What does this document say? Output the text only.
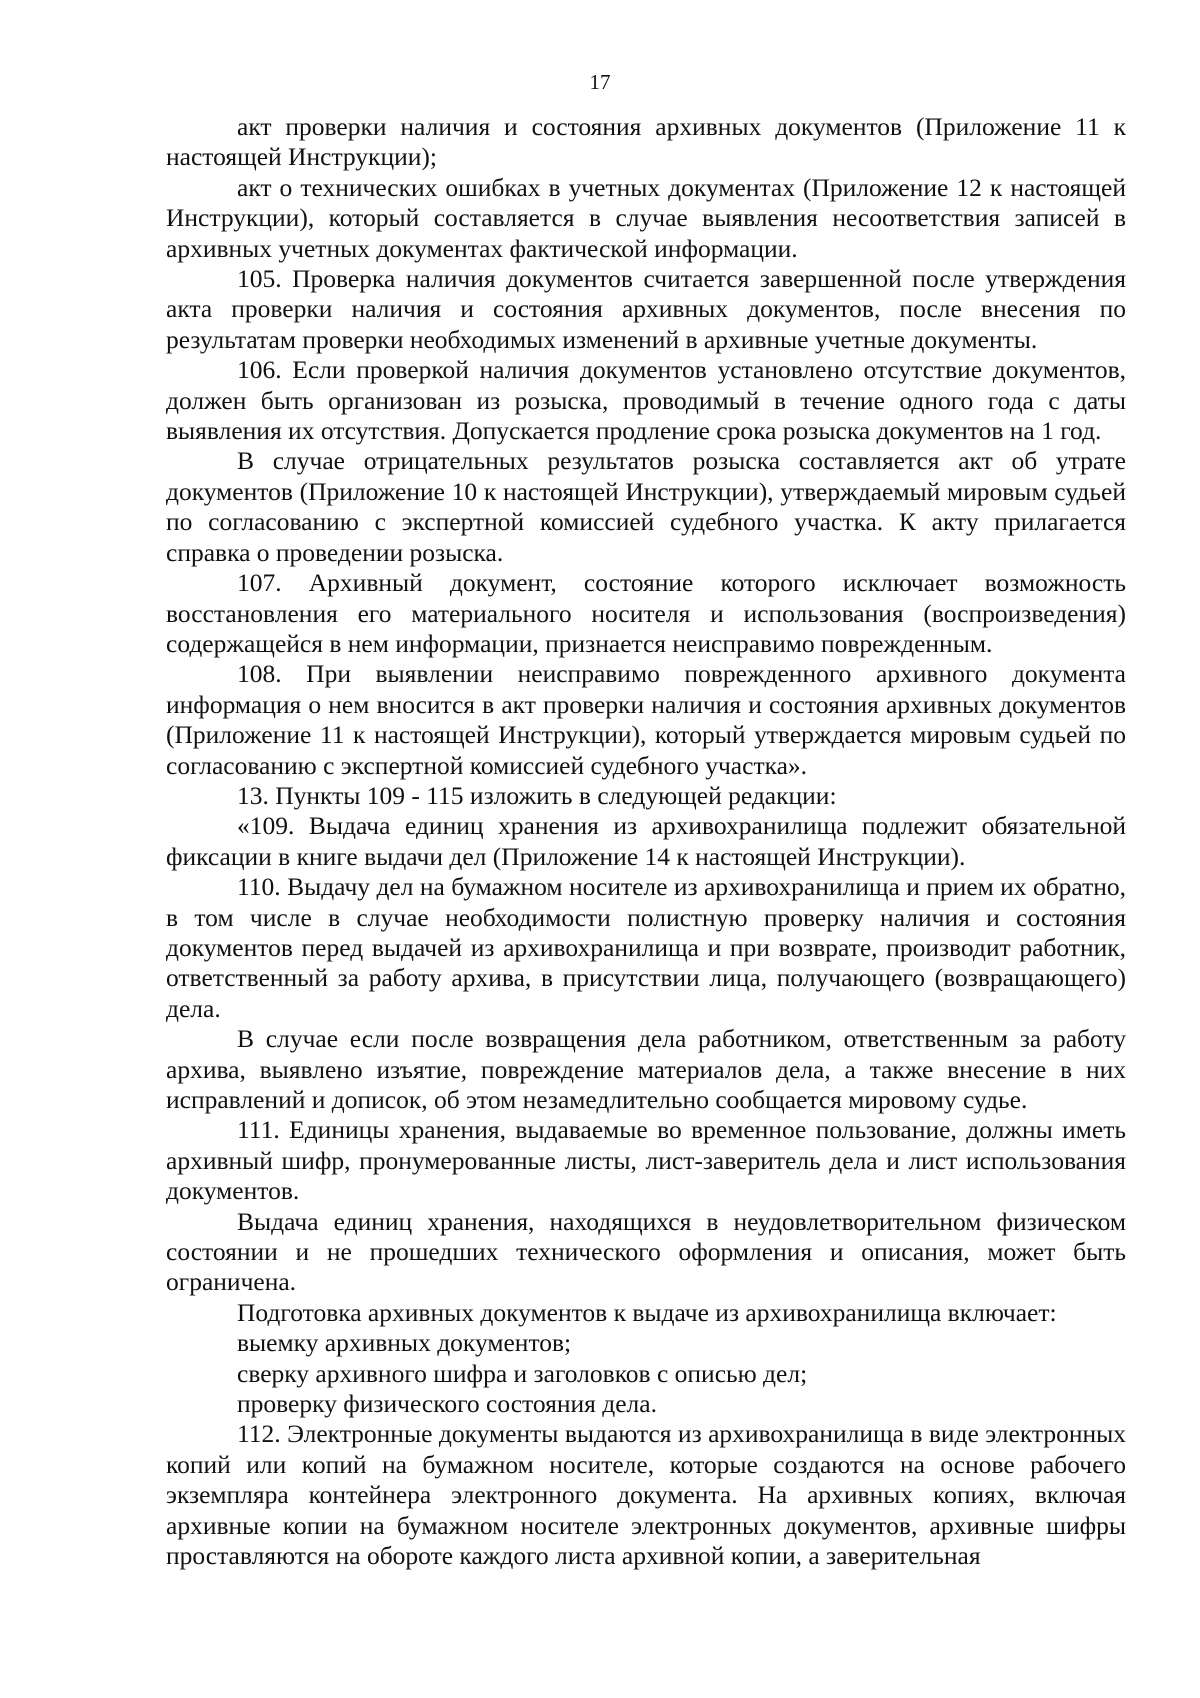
17

акт проверки наличия и состояния архивных документов (Приложение 11 к настоящей Инструкции);

акт о технических ошибках в учетных документах (Приложение 12 к настоящей Инструкции), который составляется в случае выявления несоответствия записей в архивных учетных документах фактической информации.

105. Проверка наличия документов считается завершенной после утверждения акта проверки наличия и состояния архивных документов, после внесения по результатам проверки необходимых изменений в архивные учетные документы.

106. Если проверкой наличия документов установлено отсутствие документов, должен быть организован из розыска, проводимый в течение одного года с даты выявления их отсутствия. Допускается продление срока розыска документов на 1 год.

В случае отрицательных результатов розыска составляется акт об утрате документов (Приложение 10 к настоящей Инструкции), утверждаемый мировым судьей по согласованию с экспертной комиссией судебного участка. К акту прилагается справка о проведении розыска.

107. Архивный документ, состояние которого исключает возможность восстановления его материального носителя и использования (воспроизведения) содержащейся в нем информации, признается неисправимо поврежденным.

108. При выявлении неисправимо поврежденного архивного документа информация о нем вносится в акт проверки наличия и состояния архивных документов (Приложение 11 к настоящей Инструкции), который утверждается мировым судьей по согласованию с экспертной комиссией судебного участка».

13. Пункты 109 - 115 изложить в следующей редакции:

«109. Выдача единиц хранения из архивохранилища подлежит обязательной фиксации в книге выдачи дел (Приложение 14 к настоящей Инструкции).

110. Выдачу дел на бумажном носителе из архивохранилища и прием их обратно, в том числе в случае необходимости полистную проверку наличия и состояния документов перед выдачей из архивохранилища и при возврате, производит работник, ответственный за работу архива, в присутствии лица, получающего (возвращающего) дела.

В случае если после возвращения дела работником, ответственным за работу архива, выявлено изъятие, повреждение материалов дела, а также внесение в них исправлений и дописок, об этом незамедлительно сообщается мировому судье.

111. Единицы хранения, выдаваемые во временное пользование, должны иметь архивный шифр, пронумерованные листы, лист-заверитель дела и лист использования документов.

Выдача единиц хранения, находящихся в неудовлетворительном физическом состоянии и не прошедших технического оформления и описания, может быть ограничена.

Подготовка архивных документов к выдаче из архивохранилища включает:

выемку архивных документов;

сверку архивного шифра и заголовков с описью дел;

проверку физического состояния дела.

112. Электронные документы выдаются из архивохранилища в виде электронных копий или копий на бумажном носителе, которые создаются на основе рабочего экземпляра контейнера электронного документа. На архивных копиях, включая архивные копии на бумажном носителе электронных документов, архивные шифры проставляются на обороте каждого листа архивной копии, а заверительная
